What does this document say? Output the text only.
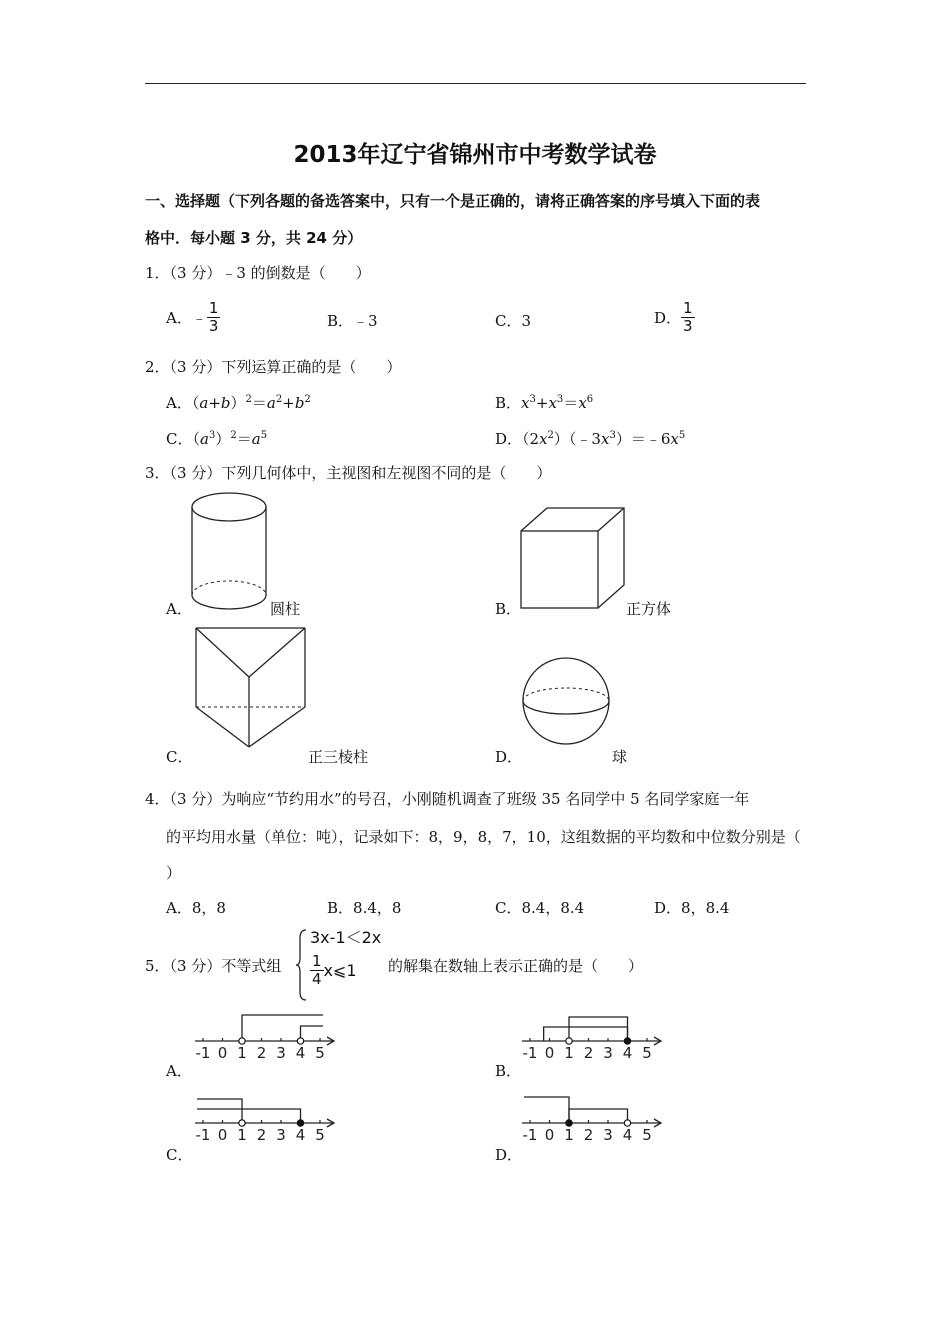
2013年辽宁省锦州市中考数学试卷
一、选择题（下列各题的备选答案中，只有一个是正确的，请将正确答案的序号填入下面的表
格中．每小题 3 分，共 24 分）
1．（3 分）﹣3 的倒数是（　　）
A．﹣ $\frac{1}{3}$	B．﹣3	C．3	D． $\frac{1}{3}$
2．（3 分）下列运算正确的是（　　）
A．$(a+b)^2=a^2+b^2$	B．$x^3+x^3=x^6$
C．$(a^3)^2=a^5$	D．$(2x^2)(﹣3x^3)=﹣6x^5$
3．（3 分）下列几何体中，主视图和左视图不同的是（　　）
A．	圆柱	B．	正方体
C．	正三棱柱	D．	球
4．（3 分）为响应“节约用水”的号召，小刚随机调查了班级 35 名同学中 5 名同学家庭一年
的平均用水量（单位：吨），记录如下：8，9，8，7，10，这组数据的平均数和中位数分别是（
）
A．8，8	B．8.4，8	C．8.4，8.4	D．8，8.4
5．（3 分）不等式组
3x-1＜2x
$\frac{1}{4}$ x⩽1 的解集在数轴上表示正确的是（　　）
-1 0 1 2 3 4 5
A．
-1 0 1 2 3 4 5
B．
-1 0 1 2 3 4 5
C．
-1 0 1 2 3 4 5
D．
